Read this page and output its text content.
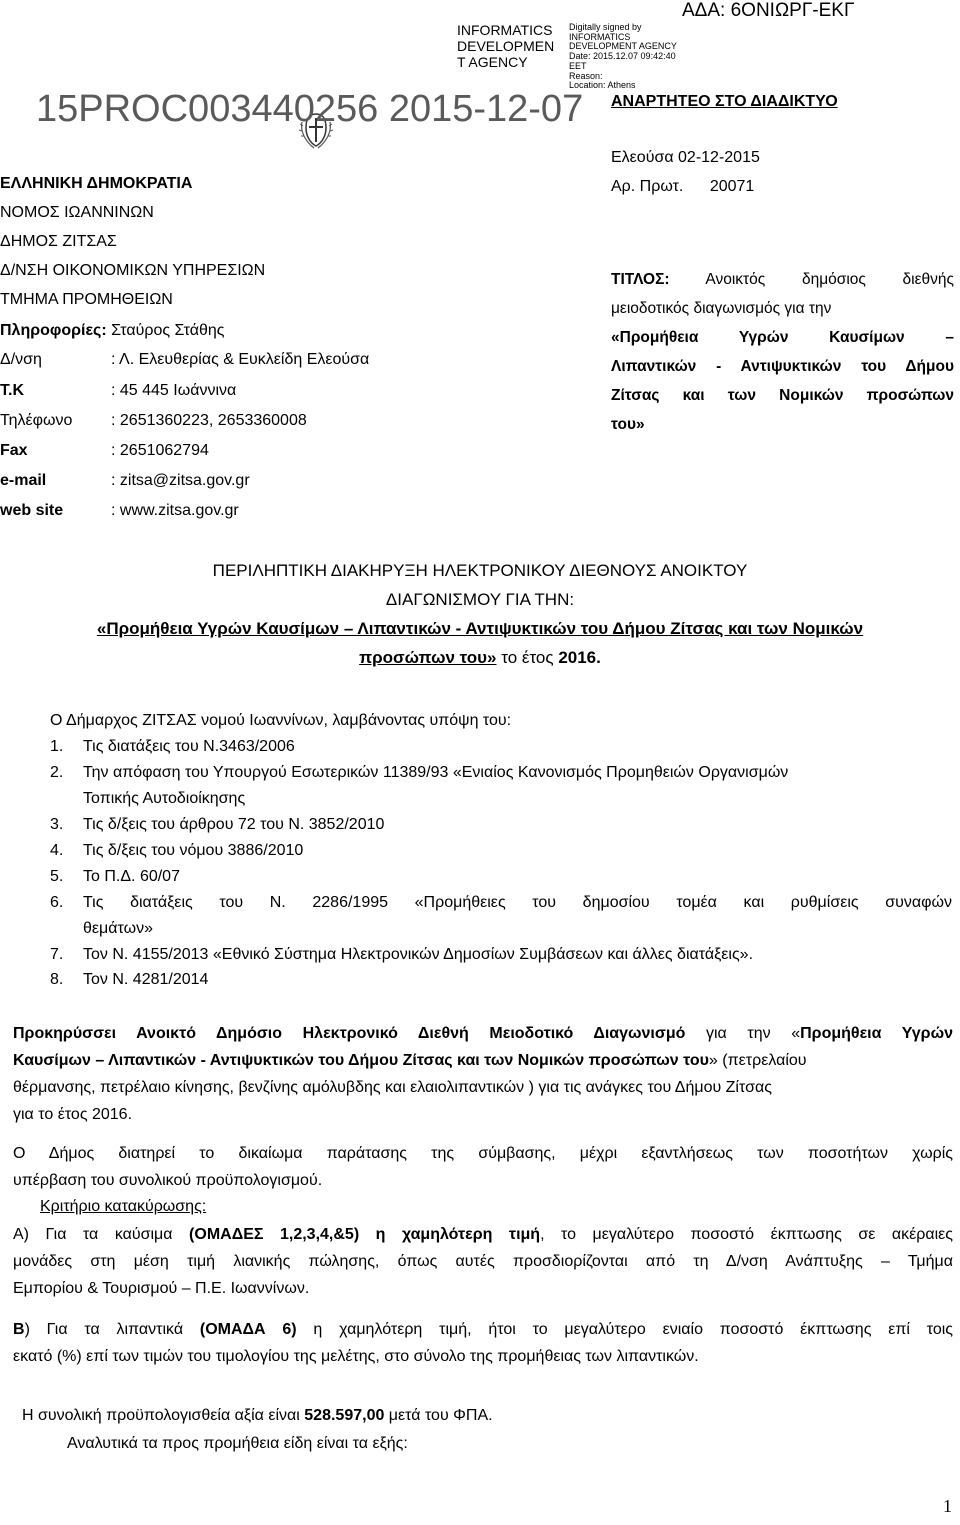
INFORMATICS
DEVELOPMEN
T AGENCY
Digitally signed by
INFORMATICS
DEVELOPMENT AGENCY
Date: 2015.12.07 09:42:40
EET
Reason:
Location: Athens
ΑΔΑ: 6ΟΝΙΩΡΓ-ΕΚΓ
15PROC003440256 2015-12-07 ΑΝΑΡΤΗΤΕΟ ΣΤΟ ΔΙΑΔΙΚΤΥΟ
ΕΛΛΗΝΙΚΗ ΔΗΜΟΚΡΑΤΙΑ
ΝΟΜΟΣ ΙΩΑΝΝΙΝΩΝ
ΔΗΜΟΣ ΖΙΤΣΑΣ
Δ/ΝΣΗ ΟΙΚΟΝΟΜΙΚΩΝ ΥΠΗΡΕΣΙΩΝ
ΤΜΗΜΑ ΠΡΟΜΗΘΕΙΩΝ
Πληροφορίες: Σταύρος Στάθης
Δ/νση	: Λ. Ελευθερίας & Ευκλείδη Ελεούσα
Τ.Κ	: 45 445 Ιωάννινα
Τηλέφωνο : 2651360223, 2653360008
Fax	: 2651062794
e-mail	: zitsa@zitsa.gov.gr
web site	: www.zitsa.gov.gr
Ελεούσα 02-12-2015
Αρ. Πρωτ. 20071
ΤΙΤΛΟΣ: Ανοικτός δημόσιος διεθνής
μειοδοτικός διαγωνισμός για την
«Προμήθεια Υγρών Καυσίμων –
Λιπαντικών - Αντιψυκτικών του Δήμου
Ζίτσας και των Νομικών προσώπων
του»
ΠΕΡΙΛΗΠΤΙΚΗ ΔΙΑΚΗΡΥΞΗ ΗΛΕΚΤΡΟΝΙΚΟΥ ΔΙΕΘΝΟΥΣ ΑΝΟΙΚΤΟΥ
ΔΙΑΓΩΝΙΣΜΟΥ ΓΙΑ ΤΗΝ:
«Προμήθεια Υγρών Καυσίμων – Λιπαντικών - Αντιψυκτικών του Δήμου Ζίτσας και των Νομικών
προσώπων του» το έτος 2016.
Ο Δήμαρχος ΖΙΤΣΑΣ νομού Ιωαννίνων, λαμβάνοντας υπόψη του:
1. Τις διατάξεις του Ν.3463/2006
2. Την απόφαση του Υπουργού Εσωτερικών 11389/93 «Ενιαίος Κανονισμός Προμηθειών Οργανισμών
Τοπικής Αυτοδιοίκησης
3. Τις δ/ξεις του άρθρου 72 του Ν. 3852/2010
4. Τις δ/ξεις του νόμου 3886/2010
5. Το Π.Δ. 60/07
6. Τις διατάξεις του Ν. 2286/1995 «Προμήθειες του δημοσίου τομέα και ρυθμίσεις συναφών
θεμάτων»
7. Τον Ν. 4155/2013 «Εθνικό Σύστημα Ηλεκτρονικών Δημοσίων Συμβάσεων και άλλες διατάξεις».
8. Τον Ν. 4281/2014
Προκηρύσσει Ανοικτό Δημόσιο Ηλεκτρονικό Διεθνή Μειοδοτικό Διαγωνισμό για την «Προμήθεια Υγρών
Καυσίμων – Λιπαντικών - Αντιψυκτικών του Δήμου Ζίτσας και των Νομικών προσώπων του» (πετρελαίου
θέρμανσης, πετρέλαιο κίνησης, βενζίνης αμόλυβδης και ελαιολιπαντικών ) για τις ανάγκες του Δήμου Ζίτσας
για το έτος 2016.
Ο Δήμος διατηρεί το δικαίωμα παράτασης της σύμβασης, μέχρι εξαντλήσεως των ποσοτήτων χωρίς
υπέρβαση του συνολικού προϋπολογισμού.
Κριτήριο κατακύρωσης:
Α) Για τα καύσιμα (ΟΜΑΔΕΣ 1,2,3,4,&5) η χαμηλότερη τιμή, το μεγαλύτερο ποσοστό έκπτωσης σε ακέραιες
μονάδες στη μέση τιμή λιανικής πώλησης, όπως αυτές προσδιορίζονται από τη Δ/νση Ανάπτυξης – Τμήμα
Εμπορίου & Τουρισμού – Π.Ε. Ιωαννίνων.
Β) Για τα λιπαντικά (ΟΜΑΔΑ 6) η χαμηλότερη τιμή, ήτοι το μεγαλύτερο ενιαίο ποσοστό έκπτωσης επί τοις
εκατό (%) επί των τιμών του τιμολογίου της μελέτης, στο σύνολο της προμήθειας των λιπαντικών.
Η συνολική προϋπολογισθεία αξία είναι 528.597,00 μετά του ΦΠΑ.
Αναλυτικά τα προς προμήθεια είδη είναι τα εξής:
1
